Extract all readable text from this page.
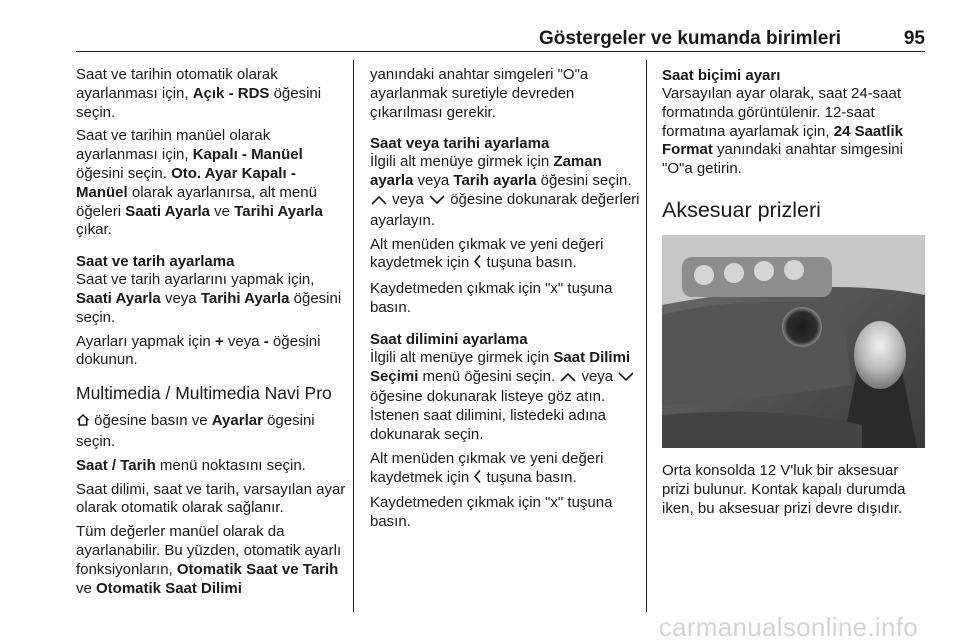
Göstergeler ve kumanda birimleri	95

Saat ve tarihin otomatik olarak ayarlanması için, Açık - RDS öğesini seçin.

Saat ve tarihin manüel olarak ayarlanması için, Kapalı - Manüel öğesini seçin. Oto. Ayar Kapalı - Manüel olarak ayarlanırsa, alt menü öğeleri Saati Ayarla ve Tarihi Ayarla çıkar.

Saat ve tarih ayarlama

Saat ve tarih ayarlarını yapmak için, Saati Ayarla veya Tarihi Ayarla öğesini seçin.

Ayarları yapmak için + veya - öğesini dokunun.

Multimedia / Multimedia Navi Pro

öğesine basın ve Ayarlar ögesini seçin.

Saat / Tarih menü noktasını seçin.

Saat dilimi, saat ve tarih, varsayılan ayar olarak otomatik olarak sağlanır.

Tüm değerler manüel olarak da ayarlanabilir. Bu yüzden, otomatik ayarlı fonksiyonların, Otomatik Saat ve Tarih ve Otomatik Saat Dilimi

yanındaki anahtar simgeleri "O"a ayarlanmak suretiyle devreden çıkarılması gerekir.

Saat veya tarihi ayarlama

İlgili alt menüye girmek için Zaman ayarla veya Tarih ayarla öğesini seçin.  veya  öğesine dokunarak değerleri ayarlayın.

Alt menüden çıkmak ve yeni değeri kaydetmek için  tuşuna basın.

Kaydetmeden çıkmak için "x" tuşuna basın.

Saat dilimini ayarlama

İlgili alt menüye girmek için Saat Dilimi Seçimi menü öğesini seçin.  veya  öğesine dokunarak listeye göz atın. İstenen saat dilimini, listedeki adına dokunarak seçin.

Alt menüden çıkmak ve yeni değeri kaydetmek için  tuşuna basın.

Kaydetmeden çıkmak için "x" tuşuna basın.

Saat biçimi ayarı

Varsayılan ayar olarak, saat 24-saat formatında görüntülenir. 12-saat formatına ayarlamak için, 24 Saatlik Format yanındaki anahtar simgesini "O"a getirin.

Aksesuar prizleri

Orta konsolda 12 V'luk bir aksesuar prizi bulunur. Kontak kapalı durumda iken, bu aksesuar prizi devre dışıdır.

carmanualsonline.info
